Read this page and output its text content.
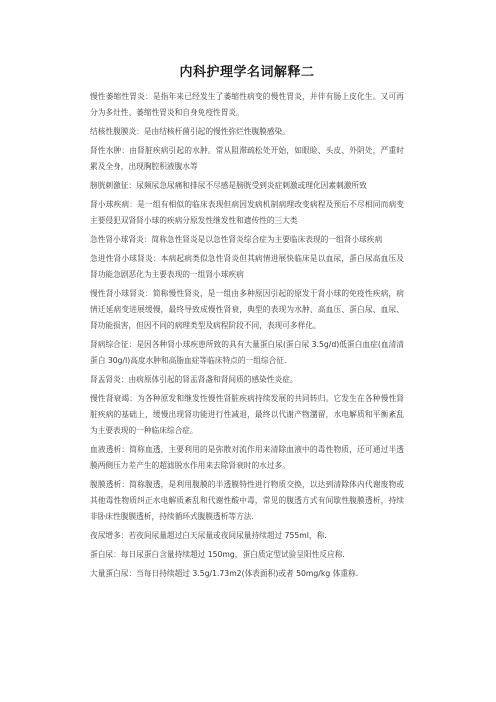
内科护理学名词解释二

慢性萎缩性胃炎：是指年来已经发生了萎缩性病变的慢性胃炎，并伴有肠上皮化生。又可再分为多灶性、萎缩性胃炎和自身免疫性胃炎。

结核性腹膜炎：是由结核杆菌引起的慢性弥烂性腹膜感染。

肾性水肿：由肾脏疾病引起的水肿。常从阻滞疏松处开始，如眼睑、头皮、外阴处，严重时累及全身，出现胸腔积液腹水等

膀胱刺激征：尿频尿急尿痛和排尿不尽感是膀胱受到炎症刺激或理化因素刺激所致

肾小球疾病：是一组有相似的临床表现但病因发病机制病理改变病程及预后不尽相同而病变主要侵犯双肾肾小球的疾病分原发性继发性和遗传性的三大类

急性肾小球肾炎：简称急性肾炎是以急性肾炎综合症为主要临床表现的一组肾小球疾病

急进性肾小球肾炎：本病起病类似急性肾炎但其病情进展快临床是以血尿，蛋白尿高血压及肾功能急剧恶化为主要表现的一组肾小球疾病

慢性肾小球肾炎：简称慢性肾炎，是一组由多种原因引起的原发于肾小球的免疫性疾病，病情迁延病变进展缓慢，最终导致成慢性肾衰，典型的表现为水肿、高血压、蛋白尿、血尿、肾功能损害，但因不同的病理类型及病程阶段不同，表现可多样化。

肾病综合征：是因各种肾小球疾患所致的具有大量蛋白尿(蛋白尿 3.5g/d)低蛋白血症(血清清蛋白 30g/l)高度水肿和高脂血症等临床特点的一组综合征.

肾盂肾炎：由病原体引起的肾盂肾盏和肾间质的感染性炎症。

慢性肾衰竭：为各种原发和继发性慢性肾脏疾病持续发展的共同转归。它发生在各种慢性肾脏疾病的基础上，缓慢出现肾功能进行性减退，最终以代谢产物潴留，水电解质和平衡紊乱为主要表现的一种临床综合症。

血液透析：简称血透，主要利用的是弥散对流作用来清除血液中的毒性物质，还可通过半透膜两侧压力差产生的超滤脱水作用来去除肾衰时的水过多。

腹膜透析：简称腹透，是利用腹膜的半透膜特性进行物质交换，以达到清除体内代谢废物或其他毒性物质纠正水电解质紊乱和代谢性酸中毒，常见的腹透方式有间歇性腹膜透析，持续非卧床性腹膜透析，持续循环式腹膜透析等方法.

夜尿增多：若夜间尿量超过白天尿量或夜间尿量持续超过 755ml，称.

蛋白尿：每日尿蛋白含量持续超过 150mg，蛋白质定型试验呈阳性反应称.

大量蛋白尿：当每日持续超过 3.5g/1.73m2(体表面积)或者 50mg/kg 体重称.
